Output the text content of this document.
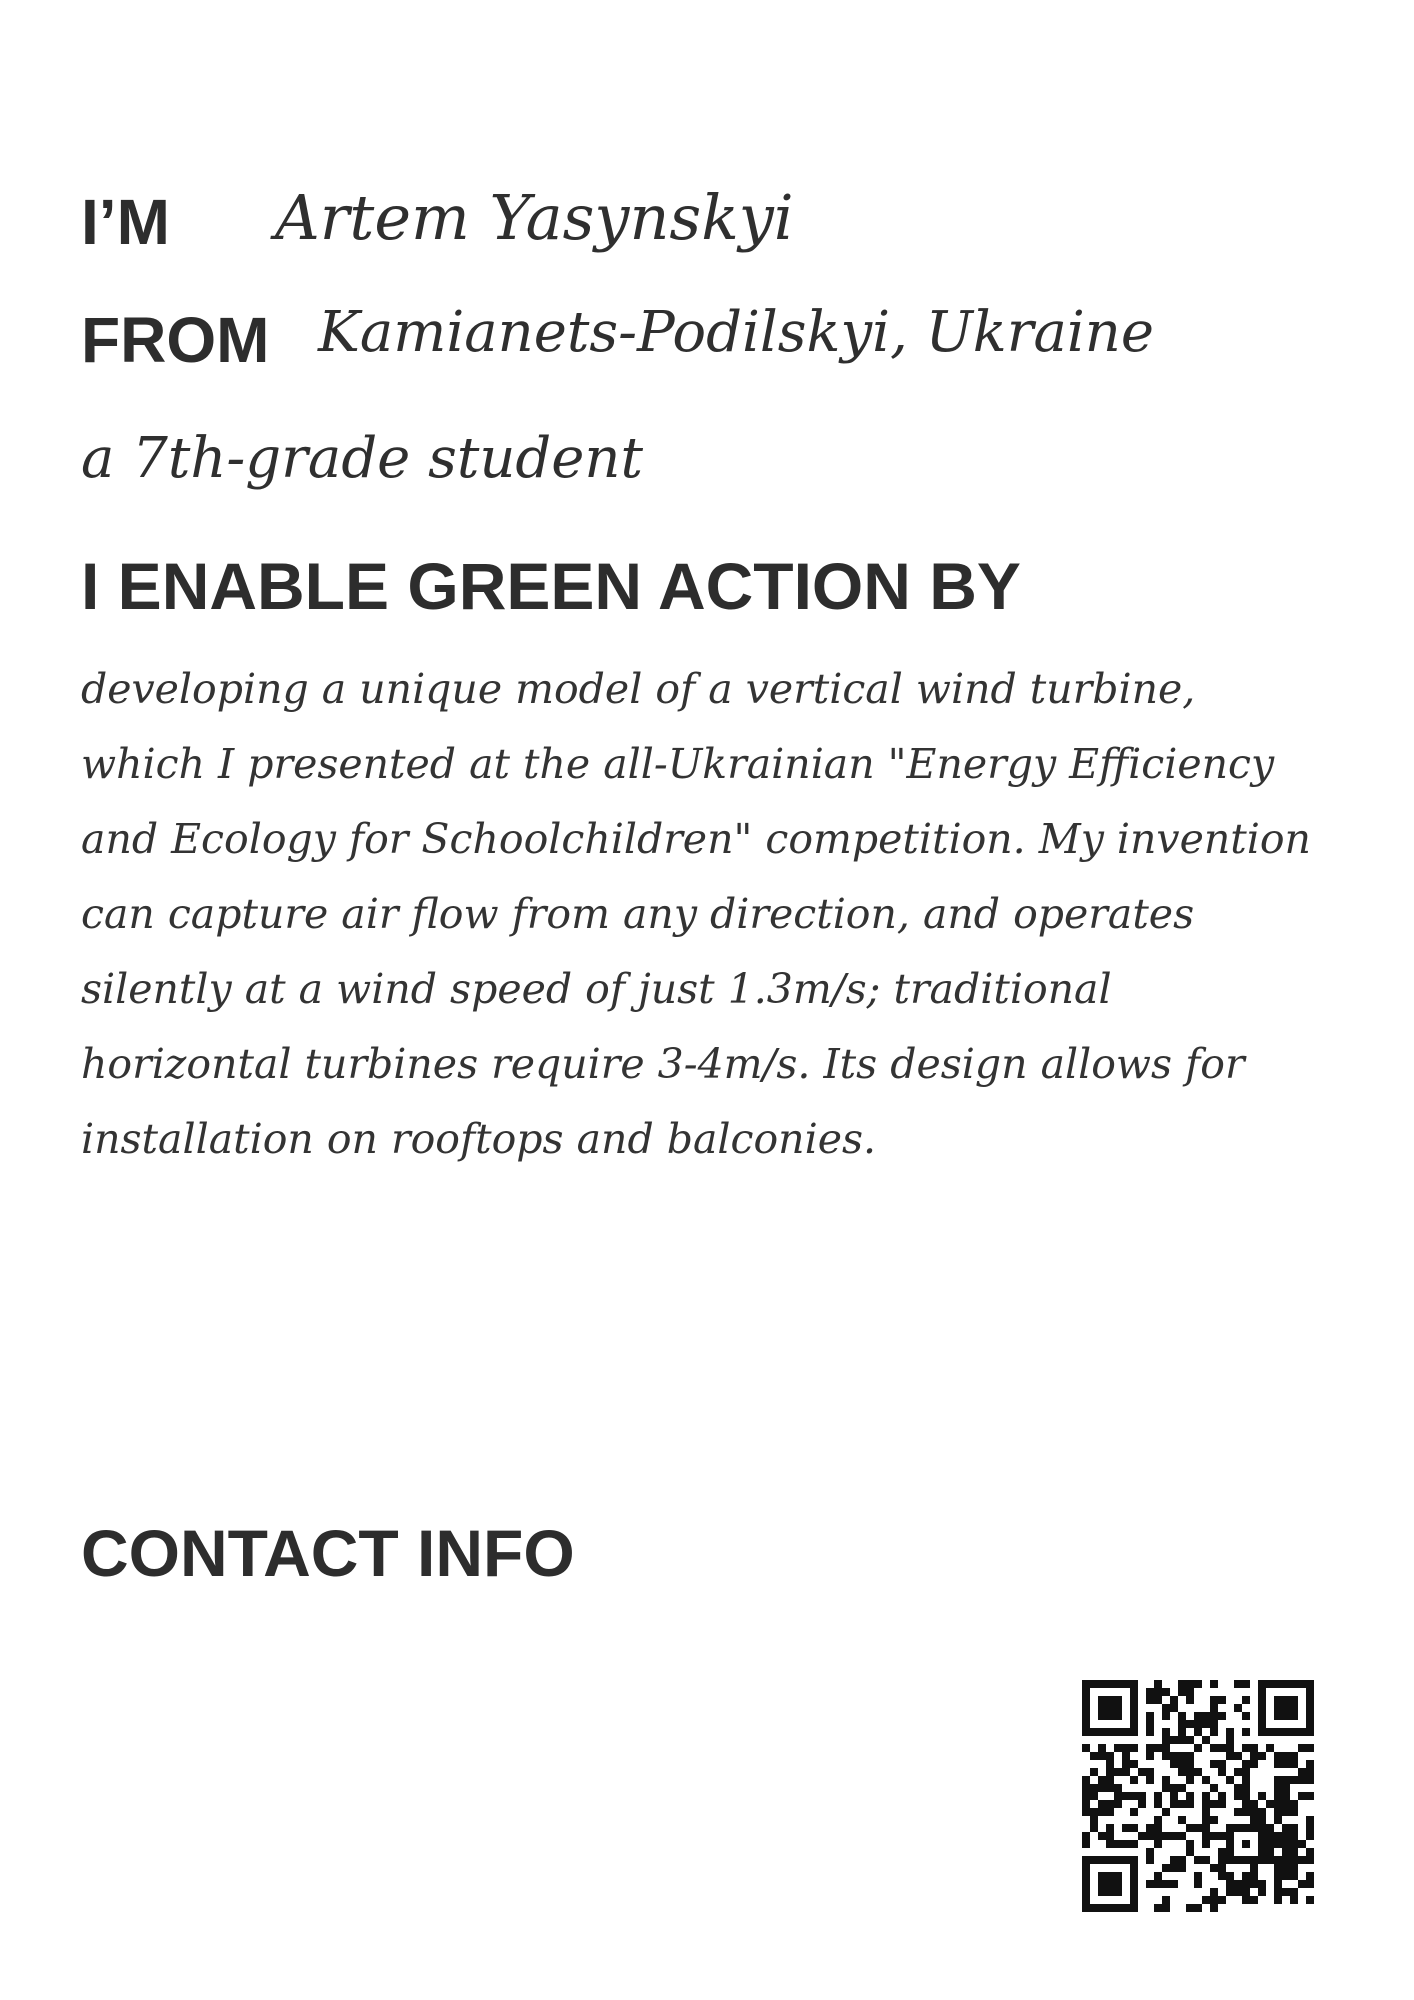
I’M Artem Yasynskyi

FROM Kamianets-Podilskyi, Ukraine

a 7th-grade student

I ENABLE GREEN ACTION BY

developing a unique model of a vertical wind turbine, which I presented at the all-Ukrainian "Energy Efficiency and Ecology for Schoolchildren" competition. My invention can capture air flow from any direction, and operates silently at a wind speed of just 1.3m/s; traditional horizontal turbines require 3-4m/s. Its design allows for installation on rooftops and balconies.

CONTACT INFO
